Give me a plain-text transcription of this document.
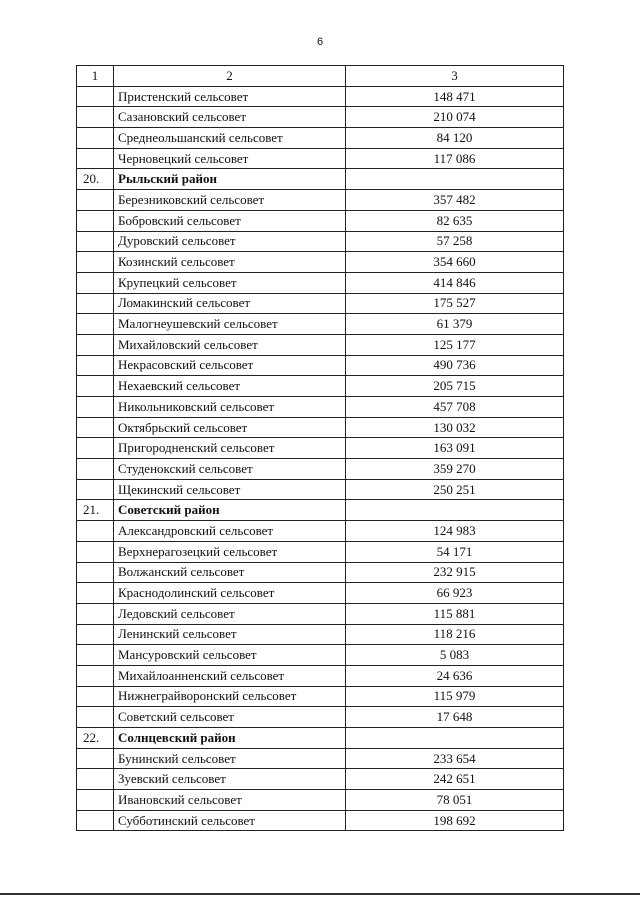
6
1	2	3
	Пристенский сельсовет	148 471
	Сазановский сельсовет	210 074
	Среднеольшанский сельсовет	84 120
	Черновецкий сельсовет	117 086
20.	Рыльский район	
	Березниковский сельсовет	357 482
	Бобровский сельсовет	82 635
	Дуровский сельсовет	57 258
	Козинский сельсовет	354 660
	Крупецкий сельсовет	414 846
	Ломакинский сельсовет	175 527
	Малогнеушевский сельсовет	61 379
	Михайловский сельсовет	125 177
	Некрасовский сельсовет	490 736
	Нехаевский сельсовет	205 715
	Никольниковский сельсовет	457 708
	Октябрьский сельсовет	130 032
	Пригородненский сельсовет	163 091
	Студенокский сельсовет	359 270
	Щекинский сельсовет	250 251
21.	Советский район	
	Александровский сельсовет	124 983
	Верхнерагозецкий сельсовет	54 171
	Волжанский сельсовет	232 915
	Краснодолинский сельсовет	66 923
	Ледовский сельсовет	115 881
	Ленинский сельсовет	118 216
	Мансуровский сельсовет	5 083
	Михайлоанненский сельсовет	24 636
	Нижнеграйворонский сельсовет	115 979
	Советский сельсовет	17 648
22.	Солнцевский район	
	Бунинский сельсовет	233 654
	Зуевский сельсовет	242 651
	Ивановский сельсовет	78 051
	Субботинский сельсовет	198 692
